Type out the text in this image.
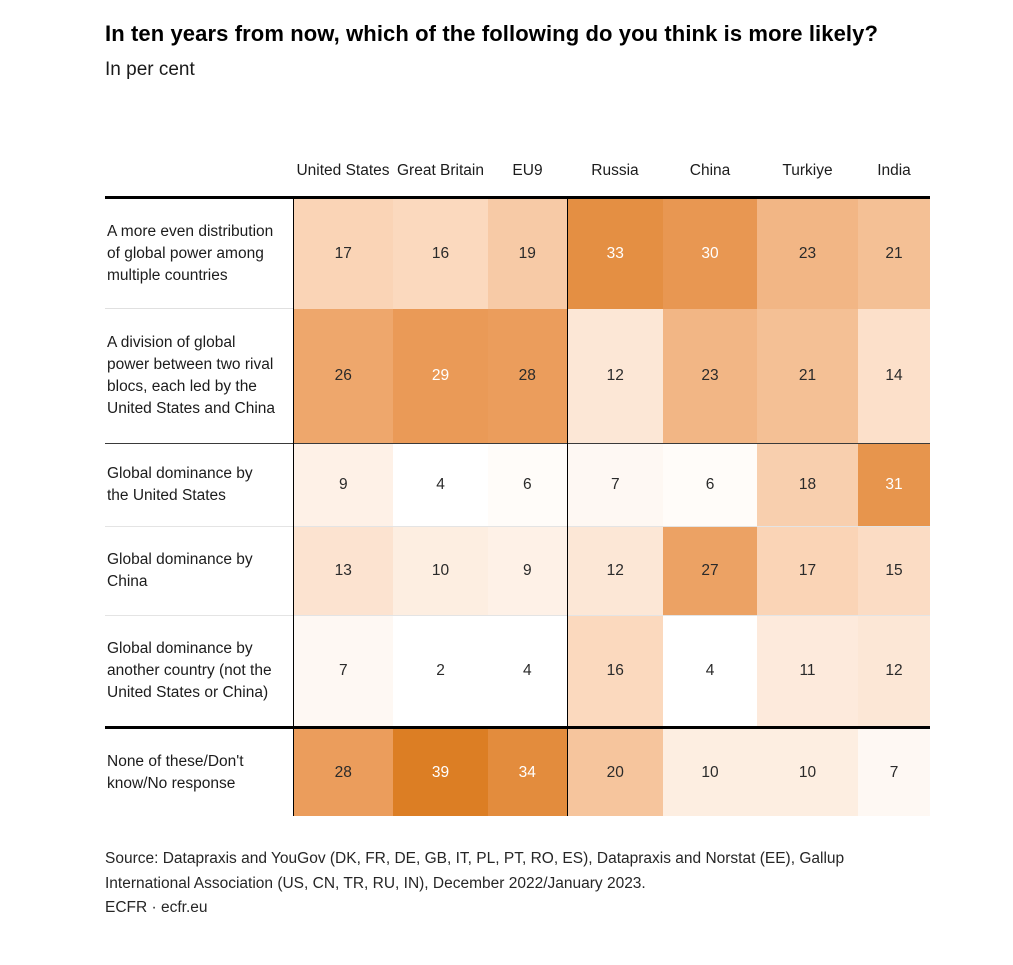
In ten years from now, which of the following do you think is more likely?
In per cent
	United States	Great Britain	EU9	Russia	China	Turkiye	India
A more even distribution of global power among multiple countries	17	16	19	33	30	23	21
A division of global power between two rival blocs, each led by the United States and China	26	29	28	12	23	21	14
Global dominance by the United States	9	4	6	7	6	18	31
Global dominance by China	13	10	9	12	27	17	15
Global dominance by another country (not the United States or China)	7	2	4	16	4	11	12
None of these/Don't know/No response	28	39	34	20	10	10	7
Source: Datapraxis and YouGov (DK, FR, DE, GB, IT, PL, PT, RO, ES), Datapraxis and Norstat (EE), Gallup International Association (US, CN, TR, RU, IN), December 2022/January 2023.
ECFR · ecfr.eu
